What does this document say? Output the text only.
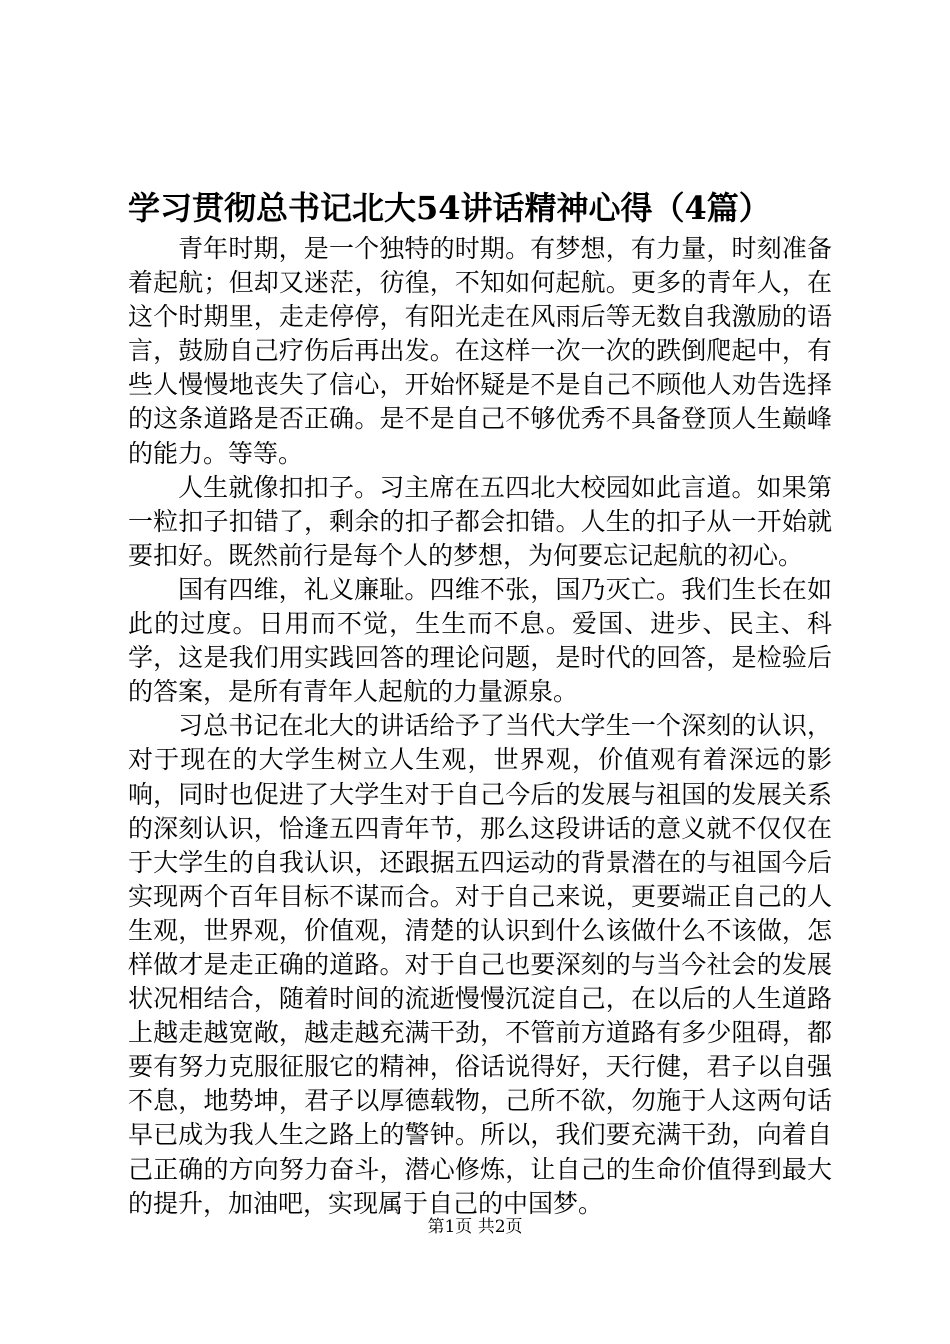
学习贯彻总书记北大54讲话精神心得（4篇）

青年时期，是一个独特的时期。有梦想，有力量，时刻准备着起航；但却又迷茫，彷徨，不知如何起航。更多的青年人，在这个时期里，走走停停，有阳光走在风雨后等无数自我激励的语言，鼓励自己疗伤后再出发。在这样一次一次的跌倒爬起中，有些人慢慢地丧失了信心，开始怀疑是不是自己不顾他人劝告选择的这条道路是否正确。是不是自己不够优秀不具备登顶人生巅峰的能力。等等。

人生就像扣扣子。习主席在五四北大校园如此言道。如果第一粒扣子扣错了，剩余的扣子都会扣错。人生的扣子从一开始就要扣好。既然前行是每个人的梦想，为何要忘记起航的初心。

国有四维，礼义廉耻。四维不张，国乃灭亡。我们生长在如此的过度。日用而不觉，生生而不息。爱国、进步、民主、科学，这是我们用实践回答的理论问题，是时代的回答，是检验后的答案，是所有青年人起航的力量源泉。

习总书记在北大的讲话给予了当代大学生一个深刻的认识，对于现在的大学生树立人生观，世界观，价值观有着深远的影响，同时也促进了大学生对于自己今后的发展与祖国的发展关系的深刻认识，恰逢五四青年节，那么这段讲话的意义就不仅仅在于大学生的自我认识，还跟据五四运动的背景潜在的与祖国今后实现两个百年目标不谋而合。对于自己来说，更要端正自己的人生观，世界观，价值观，清楚的认识到什么该做什么不该做，怎样做才是走正确的道路。对于自己也要深刻的与当今社会的发展状况相结合，随着时间的流逝慢慢沉淀自己，在以后的人生道路上越走越宽敞，越走越充满干劲，不管前方道路有多少阻碍，都要有努力克服征服它的精神，俗话说得好，天行健，君子以自强不息，地势坤，君子以厚德载物，己所不欲，勿施于人这两句话早已成为我人生之路上的警钟。所以，我们要充满干劲，向着自己正确的方向努力奋斗，潜心修炼，让自己的生命价值得到最大的提升，加油吧，实现属于自己的中国梦。

第1页 共2页
